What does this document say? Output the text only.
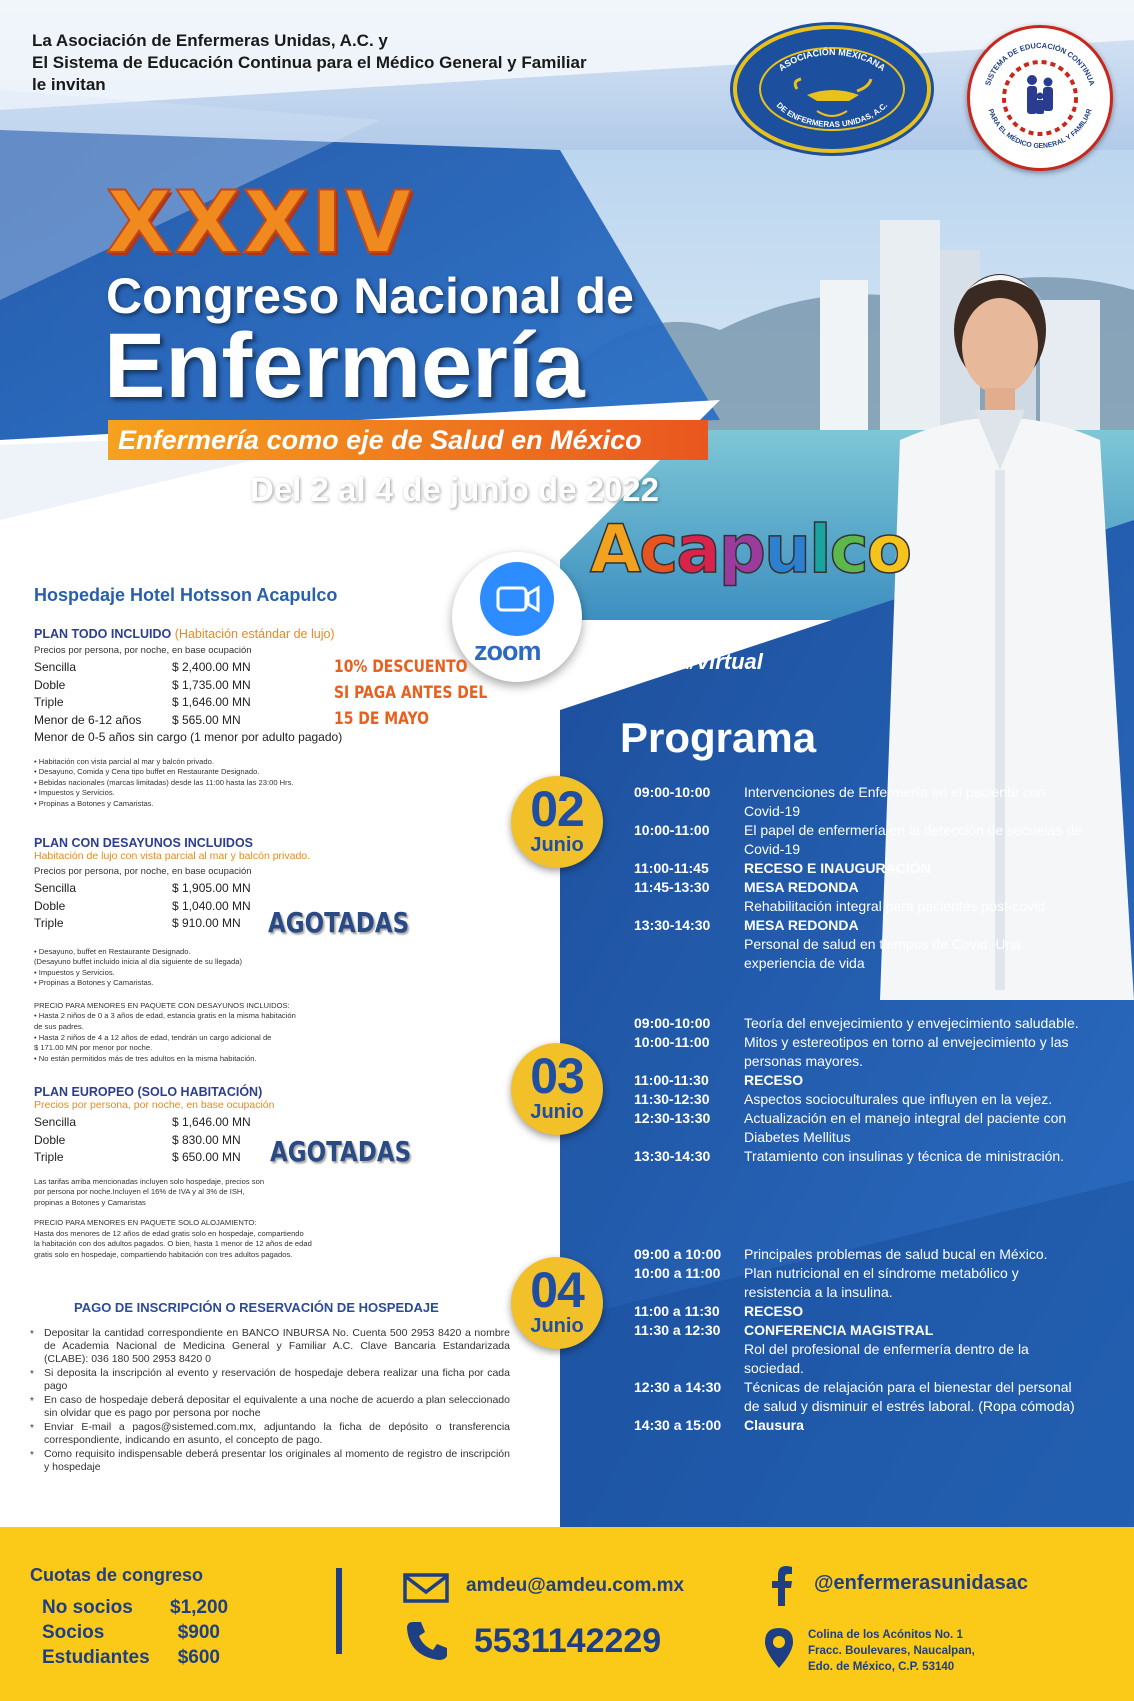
La Asociación de Enfermeras Unidas, A.C. y
El Sistema de Educación Continua para el Médico General y Familiar
le invitan
ASOCIACIÓN MEXICANA
DE ENFERMERAS UNIDAS, A.C.
SISTEMA DE EDUCACIÓN CONTINUA
PARA EL MÉDICO GENERAL Y FAMILIAR
XXXIV
Congreso Nacional de
Enfermería
Enfermería como eje de Salud en México
Del 2 al 4 de junio de 2022
Acapulco
zoom Presencial/virtual
Hospedaje Hotel Hotsson Acapulco
PLAN TODO INCLUIDO (Habitación estándar de lujo)
Precios por persona, por noche, en base ocupación
Sencilla	$ 2,400.00 MN
Doble	$ 1,735.00 MN
Triple	$ 1,646.00 MN
Menor de 6-12 años	$ 565.00 MN
Menor de 0-5 años sin cargo (1 menor por adulto pagado)
• Habitación con vista parcial al mar y balcón privado.
• Desayuno, Comida y Cena tipo buffet en Restaurante Designado.
• Bebidas nacionales (marcas limitadas) desde las 11:00 hasta las 23:00 Hrs.
• Impuestos y Servicios.
• Propinas a Botones y Camaristas.
10% DESCUENTO
SI PAGA ANTES DEL
15 DE MAYO
PLAN CON DESAYUNOS INCLUIDOS
Habitación de lujo con vista parcial al mar y balcón privado.
Precios por persona, por noche, en base ocupación
Sencilla	$ 1,905.00 MN
Doble	$ 1,040.00 MN
Triple	$ 910.00 MN
• Desayuno, buffet en Restaurante Designado.
(Desayuno buffet incluido inicia al día siguiente de su llegada)
• Impuestos y Servicios.
• Propinas a Botones y Camaristas.
PRECIO PARA MENORES EN PAQUETE CON DESAYUNOS INCLUIDOS:
• Hasta 2 niños de 0 a 3 años de edad, estancia gratis en la misma habitación
de sus padres.
• Hasta 2 niños de 4 a 12 años de edad, tendrán un cargo adicional de
$ 171.00 MN por menor por noche.
• No están permitidos más de tres adultos en la misma habitación.
AGOTADAS
PLAN EUROPEO (SOLO HABITACIÓN)
Precios por persona, por noche, en base ocupación
Sencilla	$ 1,646.00 MN
Doble	$ 830.00 MN
Triple	$ 650.00 MN
Las tarifas arriba mencionadas incluyen solo hospedaje, precios son
por persona por noche.Incluyen el 16% de IVA y al 3% de ISH,
propinas a Botones y Camaristas
PRECIO PARA MENORES EN PAQUETE SOLO ALOJAMIENTO:
Hasta dos menores de 12 años de edad gratis solo en hospedaje, compartiendo
la habitación con dos adultos pagados. O bien, hasta 1 menor de 12 años de edad
gratis solo en hospedaje, compartiendo habitación con tres adultos pagados.
AGOTADAS
PAGO DE INSCRIPCIÓN O RESERVACIÓN DE HOSPEDAJE
* Depositar la cantidad correspondiente en BANCO INBURSA No. Cuenta 500 2953 8420 a nombre de Academia Nacional de Medicina General y Familiar A.C. Clave Bancaria Estandarizada (CLABE): 036 180 500 2953 8420 0
* Si deposita la inscripción al evento y reservación de hospedaje debera realizar una ficha por cada pago
* En caso de hospedaje deberá depositar el equivalente a una noche de acuerdo a plan seleccionado sin olvidar que es pago por persona por noche
* Enviar E-mail a pagos@sistemed.com.mx, adjuntando la ficha de depósito o transferencia correspondiente, indicando en asunto, el concepto de pago.
* Como requisito indispensable deberá presentar los originales al momento de registro de inscripción y hospedaje
Programa
02
Junio
03
Junio
04
Junio
09:00-10:00	Intervenciones de Enfermería en el paciente con Covid-19
10:00-11:00	El papel de enfermería en la detección de secuelas de Covid-19
11:00-11:45	RECESO E INAUGURACIÓN
11:45-13:30	MESA REDONDA
Rehabilitación integral para pacientes post-covid
13:30-14:30	MESA REDONDA
Personal de salud en tiempos de Covid. Una experiencia de vida
09:00-10:00	Teoría del envejecimiento y envejecimiento saludable.
10:00-11:00	Mitos y estereotipos en torno al envejecimiento y las personas mayores.
11:00-11:30	RECESO
11:30-12:30	Aspectos socioculturales que influyen en la vejez.
12:30-13:30	Actualización en el manejo integral del paciente con Diabetes Mellitus
13:30-14:30	Tratamiento con insulinas y técnica de ministración.
09:00 a 10:00	Principales problemas de salud bucal en México.
10:00 a 11:00	Plan nutricional en el síndrome metabólico y resistencia a la insulina.
11:00 a 11:30	RECESO
11:30 a 12:30	CONFERENCIA MAGISTRAL
Rol del profesional de enfermería dentro de la sociedad.
12:30 a 14:30	Técnicas de relajación para el bienestar del personal de salud y disminuir el estrés laboral. (Ropa cómoda)
14:30 a 15:00	Clausura
Cuotas de congreso
No socios $1,200
Socios	$900
Estudiantes $600
amdeu@amdeu.com.mx
5531142229
@enfermerasunidasac
Colina de los Acónitos No. 1
Fracc. Boulevares, Naucalpan,
Edo. de México, C.P. 53140
